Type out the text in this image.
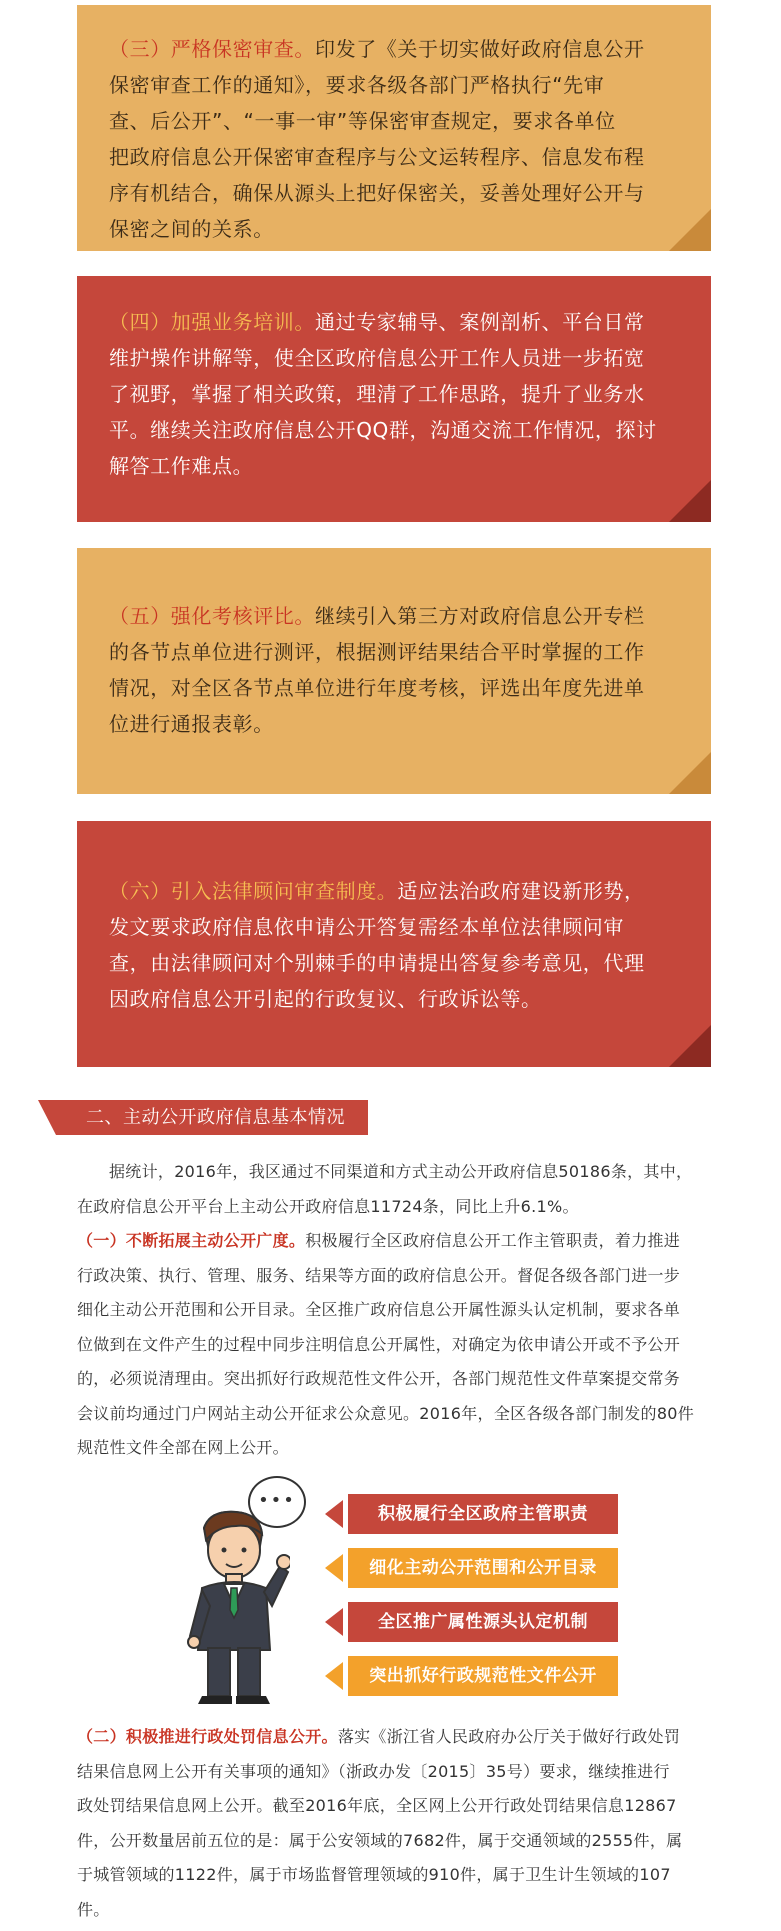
（三）严格保密审查。印发了《关于切实做好政府信息公开
保密审查工作的通知》，要求各级各部门严格执行“先审
查、后公开”、“一事一审”等保密审查规定，要求各单位
把政府信息公开保密审查程序与公文运转程序、信息发布程
序有机结合，确保从源头上把好保密关，妥善处理好公开与
保密之间的关系。
（四）加强业务培训。通过专家辅导、案例剖析、平台日常
维护操作讲解等，使全区政府信息公开工作人员进一步拓宽
了视野，掌握了相关政策，理清了工作思路，提升了业务水
平。继续关注政府信息公开QQ群，沟通交流工作情况，探讨
解答工作难点。
（五）强化考核评比。继续引入第三方对政府信息公开专栏
的各节点单位进行测评，根据测评结果结合平时掌握的工作
情况，对全区各节点单位进行年度考核，评选出年度先进单
位进行通报表彰。
（六）引入法律顾问审查制度。适应法治政府建设新形势，
发文要求政府信息依申请公开答复需经本单位法律顾问审
查，由法律顾问对个别棘手的申请提出答复参考意见，代理
因政府信息公开引起的行政复议、行政诉讼等。
二、主动公开政府信息基本情况
据统计，2016年，我区通过不同渠道和方式主动公开政府信息50186条，其中，
在政府信息公开平台上主动公开政府信息11724条，同比上升6.1%。
（一）不断拓展主动公开广度。积极履行全区政府信息公开工作主管职责，着力推进
行政决策、执行、管理、服务、结果等方面的政府信息公开。督促各级各部门进一步
细化主动公开范围和公开目录。全区推广政府信息公开属性源头认定机制，要求各单
位做到在文件产生的过程中同步注明信息公开属性，对确定为依申请公开或不予公开
的，必须说清理由。突出抓好行政规范性文件公开，各部门规范性文件草案提交常务
会议前均通过门户网站主动公开征求公众意见。2016年，全区各级各部门制发的80件
规范性文件全部在网上公开。
•••
积极履行全区政府主管职责
细化主动公开范围和公开目录
全区推广属性源头认定机制
突出抓好行政规范性文件公开
（二）积极推进行政处罚信息公开。落实《浙江省人民政府办公厅关于做好行政处罚
结果信息网上公开有关事项的通知》（浙政办发〔2015〕35号）要求，继续推进行
政处罚结果信息网上公开。截至2016年底，全区网上公开行政处罚结果信息12867
件，公开数量居前五位的是：属于公安领域的7682件，属于交通领域的2555件，属
于城管领域的1122件，属于市场监督管理领域的910件，属于卫生计生领域的107
件。
